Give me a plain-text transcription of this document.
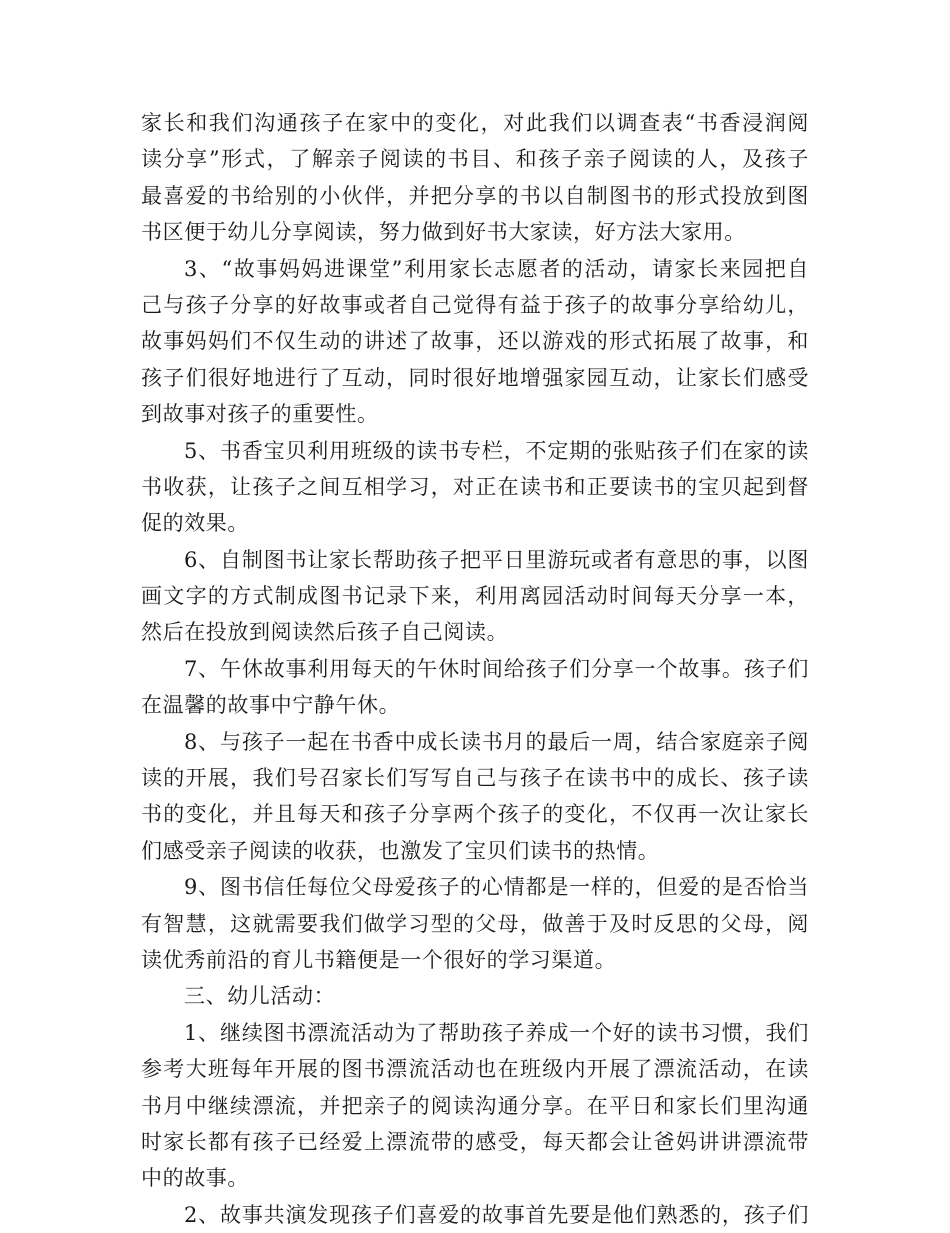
家长和我们沟通孩子在家中的变化，对此我们以调查表“书香浸润阅
读分享”形式，了解亲子阅读的书目、和孩子亲子阅读的人，及孩子
最喜爱的书给别的小伙伴，并把分享的书以自制图书的形式投放到图
书区便于幼儿分享阅读，努力做到好书大家读，好方法大家用。
3、“故事妈妈进课堂”利用家长志愿者的活动，请家长来园把自
己与孩子分享的好故事或者自己觉得有益于孩子的故事分享给幼儿，
故事妈妈们不仅生动的讲述了故事，还以游戏的形式拓展了故事，和
孩子们很好地进行了互动，同时很好地增强家园互动，让家长们感受
到故事对孩子的重要性。
5、书香宝贝利用班级的读书专栏，不定期的张贴孩子们在家的读
书收获，让孩子之间互相学习，对正在读书和正要读书的宝贝起到督
促的效果。
6、自制图书让家长帮助孩子把平日里游玩或者有意思的事，以图
画文字的方式制成图书记录下来，利用离园活动时间每天分享一本，
然后在投放到阅读然后孩子自己阅读。
7、午休故事利用每天的午休时间给孩子们分享一个故事。孩子们
在温馨的故事中宁静午休。
8、与孩子一起在书香中成长读书月的最后一周，结合家庭亲子阅
读的开展，我们号召家长们写写自己与孩子在读书中的成长、孩子读
书的变化，并且每天和孩子分享两个孩子的变化，不仅再一次让家长
们感受亲子阅读的收获，也激发了宝贝们读书的热情。
9、图书信任每位父母爱孩子的心情都是一样的，但爱的是否恰当
有智慧，这就需要我们做学习型的父母，做善于及时反思的父母，阅
读优秀前沿的育儿书籍便是一个很好的学习渠道。
三、幼儿活动：
1、继续图书漂流活动为了帮助孩子养成一个好的读书习惯，我们
参考大班每年开展的图书漂流活动也在班级内开展了漂流活动，在读
书月中继续漂流，并把亲子的阅读沟通分享。在平日和家长们里沟通
时家长都有孩子已经爱上漂流带的感受，每天都会让爸妈讲讲漂流带
中的故事。
2、故事共演发现孩子们喜爱的故事首先要是他们熟悉的，孩子们
